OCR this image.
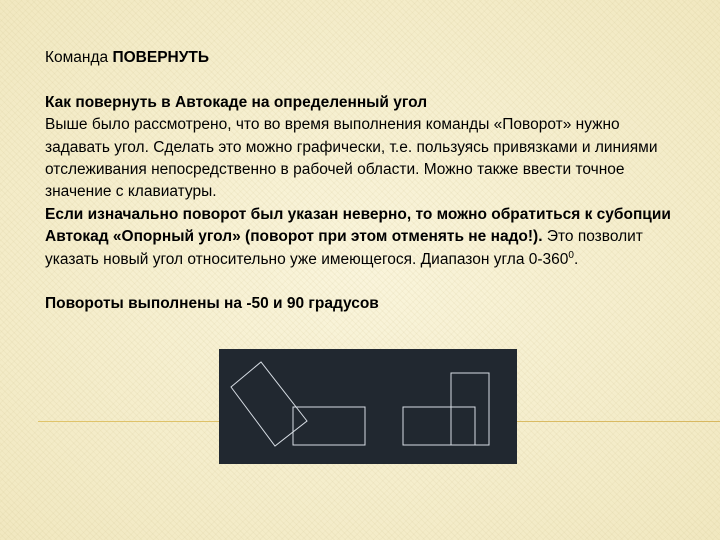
Команда ПОВЕРНУТЬ

Как повернуть в Автокаде на определенный угол

Выше было рассмотрено, что во время выполнения команды «Поворот» нужно задавать угол. Сделать это можно графически, т.е. пользуясь привязками и линиями отслеживания непосредственно в рабочей области. Можно также ввести точное значение с клавиатуры.

Если изначально поворот был указан неверно, то можно обратиться к субопции Автокад «Опорный угол» (поворот при этом отменять не надо!). Это позволит указать новый угол относительно уже имеющегося. Диапазон угла $0-360^0$.

Повороты выполнены на -50 и 90 градусов
